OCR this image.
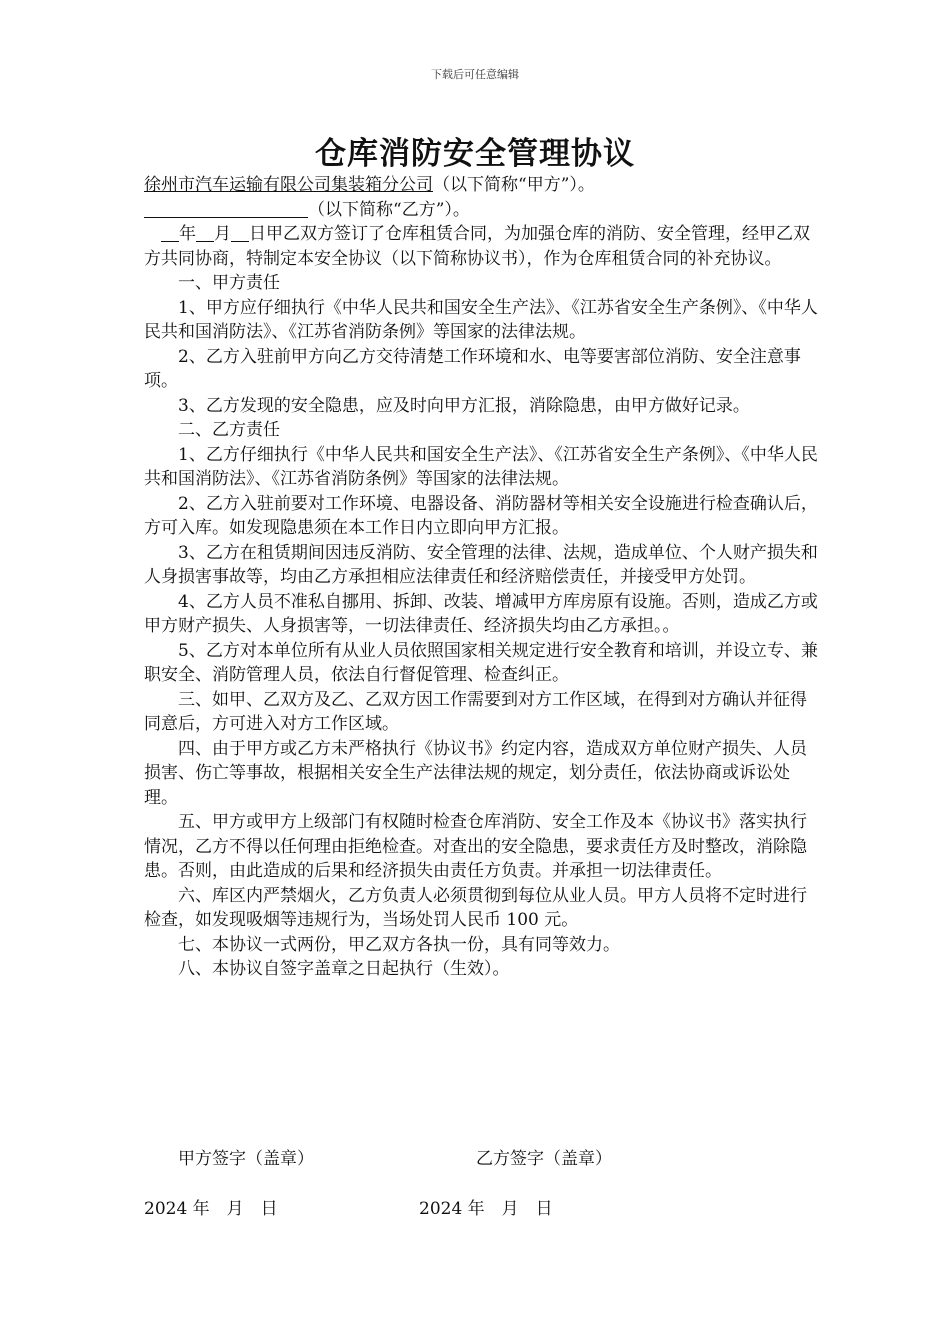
下载后可任意编辑
仓库消防安全管理协议

徐州市汽车运输有限公司集装箱分公司（以下简称“甲方”）。

（以下简称“乙方”）。

年 月 日甲乙双方签订了仓库租赁合同，为加强仓库的消防、安全管理，经甲乙双方共同协商，特制定本安全协议（以下简称协议书），作为仓库租赁合同的补充协议。

一、甲方责任

1、甲方应仔细执行《中华人民共和国安全生产法》、《江苏省安全生产条例》、《中华人民共和国消防法》、《江苏省消防条例》等国家的法律法规。

2、乙方入驻前甲方向乙方交待清楚工作环境和水、电等要害部位消防、安全注意事项。

3、乙方发现的安全隐患，应及时向甲方汇报，消除隐患，由甲方做好记录。

二、乙方责任

1、乙方仔细执行《中华人民共和国安全生产法》、《江苏省安全生产条例》、《中华人民共和国消防法》、《江苏省消防条例》等国家的法律法规。

2、乙方入驻前要对工作环境、电器设备、消防器材等相关安全设施进行检查确认后，方可入库。如发现隐患须在本工作日内立即向甲方汇报。

3、乙方在租赁期间因违反消防、安全管理的法律、法规，造成单位、个人财产损失和人身损害事故等，均由乙方承担相应法律责任和经济赔偿责任，并接受甲方处罚。

4、乙方人员不准私自挪用、拆卸、改装、增减甲方库房原有设施。否则，造成乙方或甲方财产损失、人身损害等，一切法律责任、经济损失均由乙方承担。。

5、乙方对本单位所有从业人员依照国家相关规定进行安全教育和培训，并设立专、兼职安全、消防管理人员，依法自行督促管理、检查纠正。

三、如甲、乙双方及乙、乙双方因工作需要到对方工作区域，在得到对方确认并征得同意后，方可进入对方工作区域。

四、由于甲方或乙方未严格执行《协议书》约定内容，造成双方单位财产损失、人员损害、伤亡等事故，根据相关安全生产法律法规的规定，划分责任，依法协商或诉讼处理。

五、甲方或甲方上级部门有权随时检查仓库消防、安全工作及本《协议书》落实执行情况，乙方不得以任何理由拒绝检查。对查出的安全隐患，要求责任方及时整改，消除隐患。否则，由此造成的后果和经济损失由责任方负责。并承担一切法律责任。

六、库区内严禁烟火，乙方负责人必须贯彻到每位从业人员。甲方人员将不定时进行检查，如发现吸烟等违规行为，当场处罚人民币 100 元。

七、本协议一式两份，甲乙双方各执一份，具有同等效力。

八、本协议自签字盖章之日起执行（生效）。

甲方签字（盖章）	乙方签字（盖章）
2024 年　月　日	2024 年　月　日
